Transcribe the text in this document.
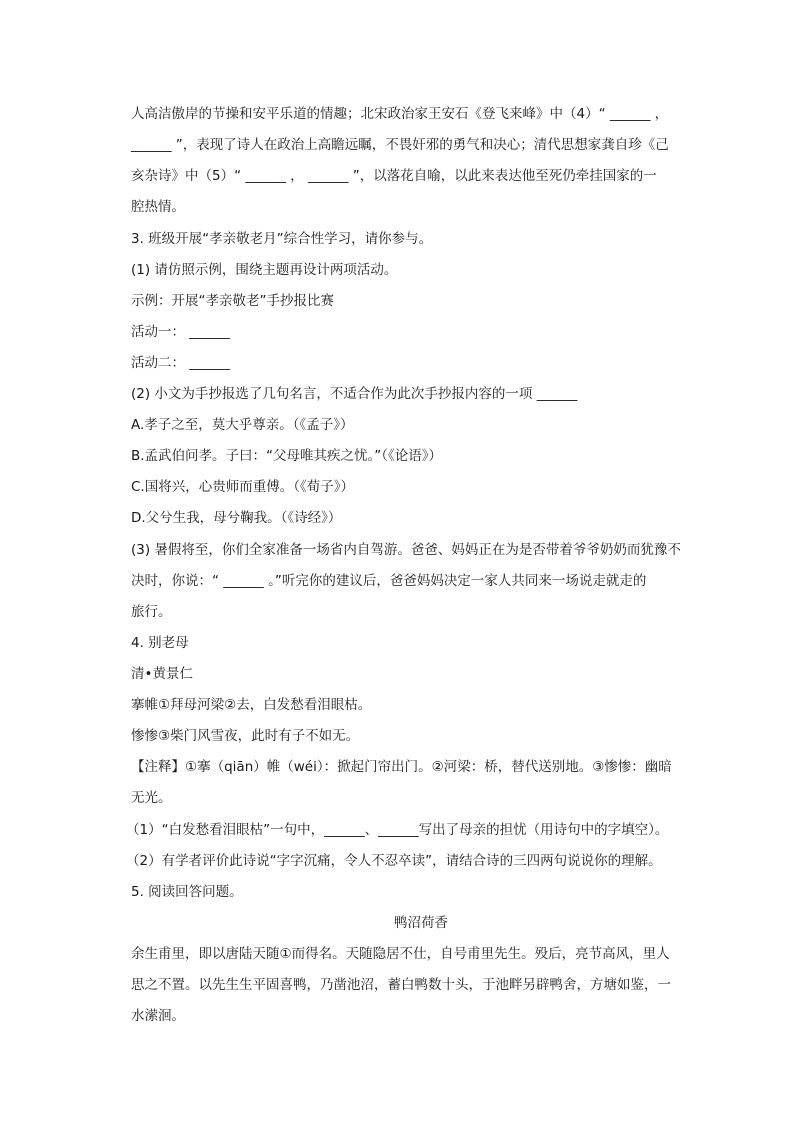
人高洁傲岸的节操和安平乐道的情趣；北宋政治家王安石《登飞来峰》中（4）“ ______ ，
______ ”，表现了诗人在政治上高瞻远瞩，不畏奸邪的勇气和决心；清代思想家龚自珍《己
亥杂诗》中（5）“ ______ ， ______ ”，以落花自喻，以此来表达他至死仍牵挂国家的一
腔热情。
3. 班级开展“孝亲敬老月”综合性学习，请你参与。
(1) 请仿照示例，围绕主题再设计两项活动。
示例：开展“孝亲敬老”手抄报比赛
活动一： ______
活动二： ______
(2) 小文为手抄报选了几句名言，不适合作为此次手抄报内容的一项 ______
A.孝子之至，莫大乎尊亲。（《孟子》）
B.孟武伯问孝。子曰：“父母唯其疾之忧。”（《论语》）
C.国将兴，心贵师而重傅。（《荀子》）
D.父兮生我，母兮鞠我。（《诗经》）
(3) 暑假将至，你们全家准备一场省内自驾游。爸爸、妈妈正在为是否带着爷爷奶奶而犹豫不
决时，你说：“ ______ 。”听完你的建议后，爸爸妈妈决定一家人共同来一场说走就走的
旅行。
4. 别老母
清•黄景仁
搴帷①拜母河梁②去，白发愁看泪眼枯。
惨惨③柴门风雪夜，此时有子不如无。
【注释】①搴（qiān）帷（wéi）：掀起门帘出门。②河梁：桥，替代送别地。③惨惨：幽暗
无光。
（1）“白发愁看泪眼枯”一句中，______、______写出了母亲的担忧（用诗句中的字填空）。
（2）有学者评价此诗说“字字沉痛，令人不忍卒读”，请结合诗的三四两句说说你的理解。
5. 阅读回答问题。
鸭沼荷香
余生甫里，即以唐陆天随①而得名。天随隐居不仕，自号甫里先生。殁后，亮节高风，里人
思之不置。以先生生平固喜鸭，乃凿池沼，蓄白鸭数十头，于池畔另辟鸭舍，方塘如鉴，一
水潆洄。
